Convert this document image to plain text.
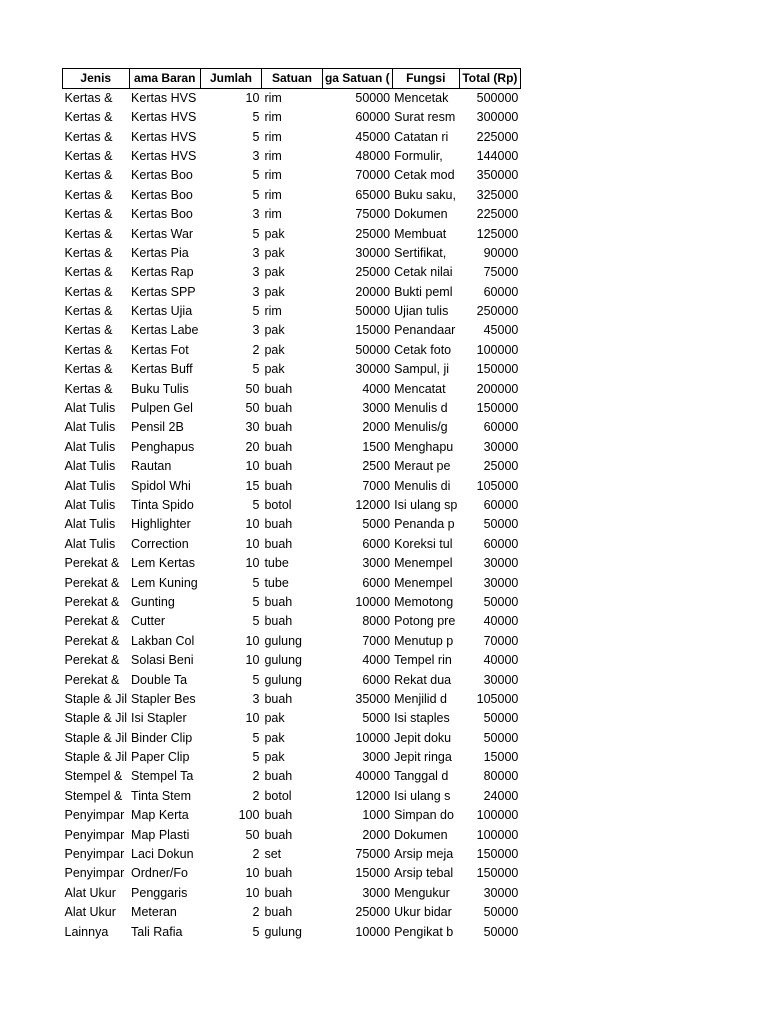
Jenis	ama Baran	Jumlah	Satuan	ga Satuan (	Fungsi	Total (Rp)
Kertas &	Kertas HVS	10	rim	50000	Mencetak	500000
Kertas &	Kertas HVS	5	rim	60000	Surat resm	300000
Kertas &	Kertas HVS	5	rim	45000	Catatan ri	225000
Kertas &	Kertas HVS	3	rim	48000	Formulir,	144000
Kertas &	Kertas Boo	5	rim	70000	Cetak mod	350000
Kertas &	Kertas Boo	5	rim	65000	Buku saku,	325000
Kertas &	Kertas Boo	3	rim	75000	Dokumen	225000
Kertas &	Kertas War	5	pak	25000	Membuat	125000
Kertas &	Kertas Pia	3	pak	30000	Sertifikat,	90000
Kertas &	Kertas Rap	3	pak	25000	Cetak nilai	75000
Kertas &	Kertas SPP	3	pak	20000	Bukti peml	60000
Kertas &	Kertas Ujia	5	rim	50000	Ujian tulis	250000
Kertas &	Kertas Labe	3	pak	15000	Penandaar	45000
Kertas &	Kertas Fot	2	pak	50000	Cetak foto	100000
Kertas &	Kertas Buff	5	pak	30000	Sampul, ji	150000
Kertas &	Buku Tulis	50	buah	4000	Mencatat	200000
Alat Tulis	Pulpen Gel	50	buah	3000	Menulis d	150000
Alat Tulis	Pensil 2B	30	buah	2000	Menulis/g	60000
Alat Tulis	Penghapus	20	buah	1500	Menghapu	30000
Alat Tulis	Rautan	10	buah	2500	Meraut pe	25000
Alat Tulis	Spidol Whi	15	buah	7000	Menulis di	105000
Alat Tulis	Tinta Spido	5	botol	12000	Isi ulang sp	60000
Alat Tulis	Highlighter	10	buah	5000	Penanda p	50000
Alat Tulis	Correction	10	buah	6000	Koreksi tul	60000
Perekat &	Lem Kertas	10	tube	3000	Menempel	30000
Perekat &	Lem Kuning	5	tube	6000	Menempel	30000
Perekat &	Gunting	5	buah	10000	Memotong	50000
Perekat &	Cutter	5	buah	8000	Potong pre	40000
Perekat &	Lakban Col	10	gulung	7000	Menutup p	70000
Perekat &	Solasi Beni	10	gulung	4000	Tempel rin	40000
Perekat &	Double Ta	5	gulung	6000	Rekat dua	30000
Staple & Jil	Stapler Bes	3	buah	35000	Menjilid d	105000
Staple & Jil	Isi Stapler	10	pak	5000	Isi staples	50000
Staple & Jil	Binder Clip	5	pak	10000	Jepit doku	50000
Staple & Jil	Paper Clip	5	pak	3000	Jepit ringa	15000
Stempel &	Stempel Ta	2	buah	40000	Tanggal d	80000
Stempel &	Tinta Stem	2	botol	12000	Isi ulang s	24000
Penyimpar	Map Kerta	100	buah	1000	Simpan do	100000
Penyimpar	Map Plasti	50	buah	2000	Dokumen	100000
Penyimpar	Laci Dokun	2	set	75000	Arsip meja	150000
Penyimpar	Ordner/Fo	10	buah	15000	Arsip tebal	150000
Alat Ukur	Penggaris	10	buah	3000	Mengukur	30000
Alat Ukur	Meteran	2	buah	25000	Ukur bidar	50000
Lainnya	Tali Rafia	5	gulung	10000	Pengikat b	50000
